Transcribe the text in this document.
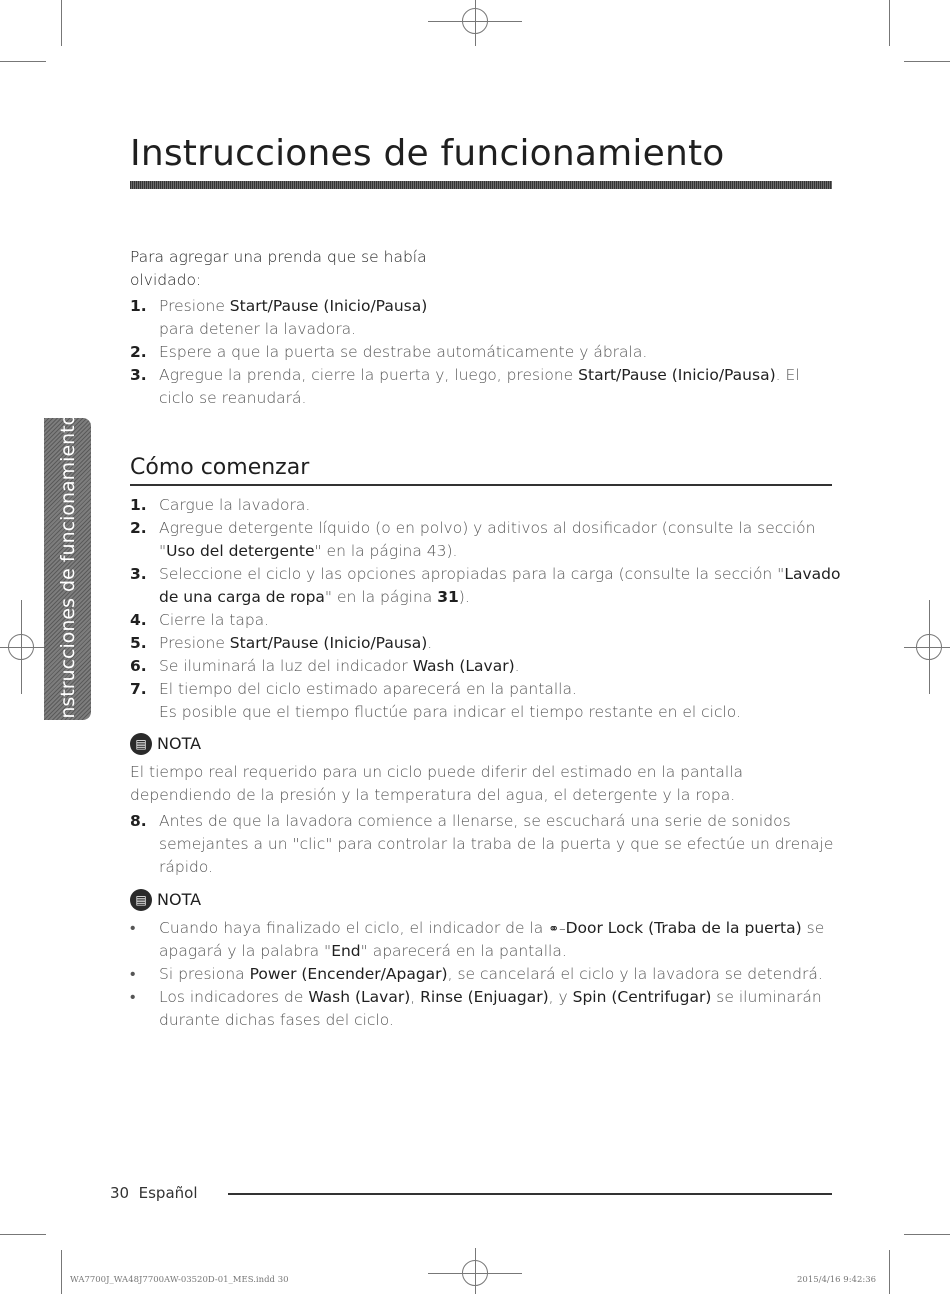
Instrucciones de funcionamiento
Instrucciones de funcionamiento
Para agregar una prenda que se había
olvidado:
1. Presione Start/Pause (Inicio/Pausa)
para detener la lavadora.
2. Espere a que la puerta se destrabe automáticamente y ábrala.
3. Agregue la prenda, cierre la puerta y, luego, presione Start/Pause (Inicio/Pausa). El
ciclo se reanudará.
Cómo comenzar
1. Cargue la lavadora.
2. Agregue detergente líquido (o en polvo) y aditivos al dosificador (consulte la sección
"Uso del detergente" en la página 43).
3. Seleccione el ciclo y las opciones apropiadas para la carga (consulte la sección "Lavado
de una carga de ropa" en la página 31).
4. Cierre la tapa.
5. Presione Start/Pause (Inicio/Pausa).
6. Se iluminará la luz del indicador Wash (Lavar).
7. El tiempo del ciclo estimado aparecerá en la pantalla.
Es posible que el tiempo fluctúe para indicar el tiempo restante en el ciclo.
▤ NOTA
El tiempo real requerido para un ciclo puede diferir del estimado en la pantalla
dependiendo de la presión y la temperatura del agua, el detergente y la ropa.
8. Antes de que la lavadora comience a llenarse, se escuchará una serie de sonidos
semejantes a un "clic" para controlar la traba de la puerta y que se efectúe un drenaje
rápido.
▤ NOTA
• Cuando haya finalizado el ciclo, el indicador de la ⚭–Door Lock (Traba de la puerta) se
apagará y la palabra "End" aparecerá en la pantalla.
• Si presiona Power (Encender/Apagar), se cancelará el ciclo y la lavadora se detendrá.
• Los indicadores de Wash (Lavar), Rinse (Enjuagar), y Spin (Centrifugar) se iluminarán
durante dichas fases del ciclo.
30 Español
WA7700J_WA48J7700AW-03520D-01_MES.indd 30	2015/4/16 9:42:36
